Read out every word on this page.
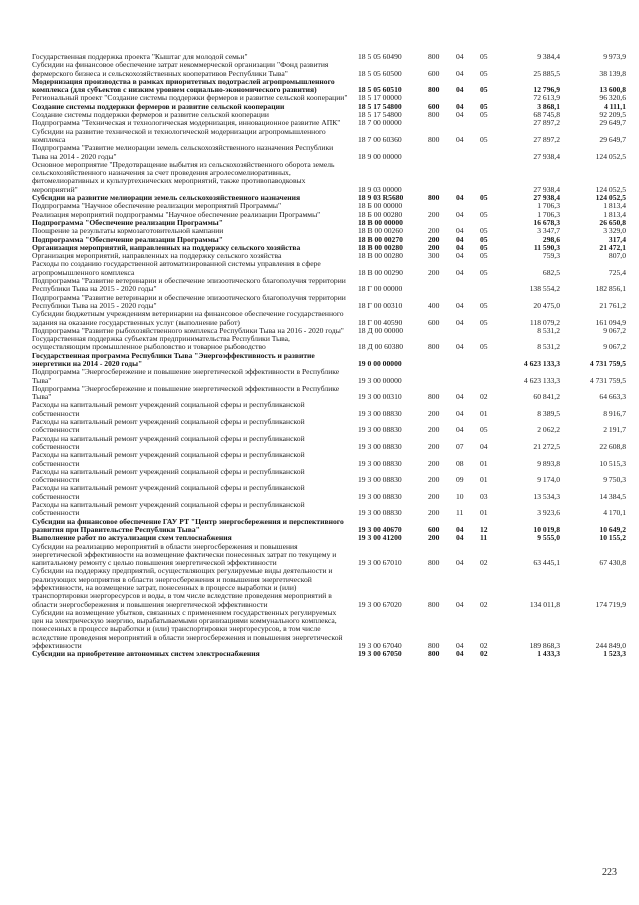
Государственная поддержка проекта "Кыштаг для молодой семьи"	18 5 05 60490	800 04 05	9 384,4	9 973,9
Субсидии на финансовое обеспечение затрат некоммерческой организации "Фонд развития фермерского бизнеса и сельскохозяйственных кооперативов Республики Тыва"	18 5 05 60500	600 04 05	25 885,5	38 139,8
Модернизация производства в рамках приоритетных подотраслей агропромышленного комплекса (для субъектов с низким уровнем социально-экономического развития)	18 5 05 60510	800 04 05	12 796,9	13 600,8
Региональный проект "Создание системы поддержки фермеров и развитие сельской кооперации" 18 5 17 00000	72 613,9	96 320,6
Создание системы поддержки фермеров и развитие сельской кооперации	18 5 17 54800	600 04 05	3 868,1	4 111,1
Создание системы поддержки фермеров и развитие сельской кооперации	18 5 17 54800	800 04 05	68 745,8	92 209,5
Подпрограмма "Техническая и технологическая модернизация, инновационное развитие АПК"	18 7 00 00000	27 897,2	29 649,7
Субсидии на развитие технической и технологической модернизации агропромышленного комплекса	18 7 00 60360	800 04 05	27 897,2	29 649,7
Подпрограмма "Развитие мелиорации земель сельскохозяйственного назначения Республики Тыва на 2014 - 2020 годы"	18 9 00 00000	27 938,4	124 052,5
Основное мероприятие "Предотвращение выбытия из сельскохозяйственного оборота земель сельскохозяйственного назначения за счет проведения агролесомелиоративных, фитомелиоративных и культуртехнических мероприятий, также противопаводковых мероприятий"	18 9 03 00000	27 938,4	124 052,5
Субсидии на развитие мелиорации земель сельскохозяйственного назначения	18 9 03 R5680	800 04 05	27 938,4	124 052,5
Подпрограмма "Научное обеспечение реализации мероприятий Программы"	18 Б 00 00000	1 706,3	1 813,4
Реализация мероприятий подпрограммы "Научное обеспечение реализации Программы"	18 Б 00 00280	200 04 05	1 706,3	1 813,4
Подпрограмма "Обеспечение реализации Программы"	18 В 00 00000	16 678,3	26 650,8
Поощрение за результаты кормозаготовительной кампании	18 В 00 00260	200 04 05	3 347,7	3 329,0
Подпрограмма "Обеспечение реализации Программы"	18 В 00 00270	200 04 05	298,6	317,4
Организация мероприятий, направленных на поддержку сельского хозяйства	18 В 00 00280	200 04 05	11 590,3	21 472,1
Организация мероприятий, направленных на поддержку сельского хозяйства	18 В 00 00280	300 04 05	759,3	807,0
Расходы по созданию государственной автоматизированной системы управления в сфере агропромышленного комплекса	18 В 00 00290	200 04 05	682,5	725,4
Подпрограмма "Развитие ветеринарии и обеспечение эпизоотического благополучия территории Республики Тыва на 2015 - 2020 годы"	18 Г 00 00000	138 554,2	182 856,1
Подпрограмма "Развитие ветеринарии и обеспечение эпизоотического благополучия территории Республики Тыва на 2015 - 2020 годы"	18 Г 00 00310	400 04 05	20 475,0	21 761,2
Субсидии бюджетным учреждениям ветеринарии на финансовое обеспечение государственного задания на оказание государственных услуг (выполнение работ)	18 Г 00 40590	600 04 05	118 079,2	161 094,9
Подпрограмма "Развитие рыбохозяйственного комплекса Республики Тыва на 2016 - 2020 годы"	18 Д 00 00000	8 531,2	9 067,2
Государственная поддержка субъектам предпринимательства Республики Тыва, осуществляющим промышленное рыболовство и товарное рыбоводство	18 Д 00 60380	800 04 05	8 531,2	9 067,2
Государственная программа Республики Тыва "Энергоэффективность и развитие энергетики на 2014 - 2020 годы"	19 0 00 00000	4 623 133,3	4 731 759,5
Подпрограмма "Энергосбережение и повышение энергетической эффективности в Республике Тыва"	19 3 00 00000	4 623 133,3	4 731 759,5
Подпрограмма "Энергосбережение и повышение энергетической эффективности в Республике Тыва"	19 3 00 00310	800 04 02	60 841,2	64 663,3
Расходы на капитальный ремонт учреждений социальной сферы и республиканской собственности	19 3 00 08830	200 04 01	8 389,5	8 916,7
Расходы на капитальный ремонт учреждений социальной сферы и республиканской собственности	19 3 00 08830	200 04 05	2 062,2	2 191,7
Расходы на капитальный ремонт учреждений социальной сферы и республиканской собственности	19 3 00 08830	200 07 04	21 272,5	22 608,8
Расходы на капитальный ремонт учреждений социальной сферы и республиканской собственности	19 3 00 08830	200 08 01	9 893,8	10 515,3
Расходы на капитальный ремонт учреждений социальной сферы и республиканской собственности	19 3 00 08830	200 09 01	9 174,0	9 750,3
Расходы на капитальный ремонт учреждений социальной сферы и республиканской собственности	19 3 00 08830	200 10 03	13 534,3	14 384,5
Расходы на капитальный ремонт учреждений социальной сферы и республиканской собственности	19 3 00 08830	200 11 01	3 923,6	4 170,1
Субсидии на финансовое обеспечение ГАУ РТ "Центр энергосбережения и перспективного развития при Правительстве Республики Тыва"	19 3 00 40670	600 04 12	10 019,8	10 649,2
Выполнение работ по актуализации схем теплоснабжения	19 3 00 41200	200 04 11	9 555,0	10 155,2
Субсидии на реализацию мероприятий в области энергосбережения и повышения энергетической эффективности на возмещение фактически понесенных затрат по текущему и капитальному ремонту с целью повышения энергетической эффективности	19 3 00 67010	800 04 02	63 445,1	67 430,8
Субсидии на поддержку предприятий, осуществляющих регулируемые виды деятельности и реализующих мероприятия в области энергосбережения и повышения энергетической эффективности, на возмещение затрат, понесенных в процессе выработки и (или) транспортировки энергоресурсов и воды, в том числе вследствие проведения мероприятий в области энергосбережения и повышения энергетической эффективности	19 3 00 67020	800 04 02	134 011,8	174 719,9
Субсидии на возмещение убытков, связанных с применением государственных регулируемых цен на электрическую энергию, вырабатываемыми организациями коммунального комплекса, понесенных в процессе выработки и (или) транспортировки энергоресурсов, в том числе вследствие проведения мероприятий в области энергосбережения и повышения энергетической эффективности	19 3 00 67040	800 04 02	189 868,3	244 849,0
Субсидии на приобретение автономных систем электроснабжения	19 3 00 67050	800 04 02	1 433,3	1 523,3
223
